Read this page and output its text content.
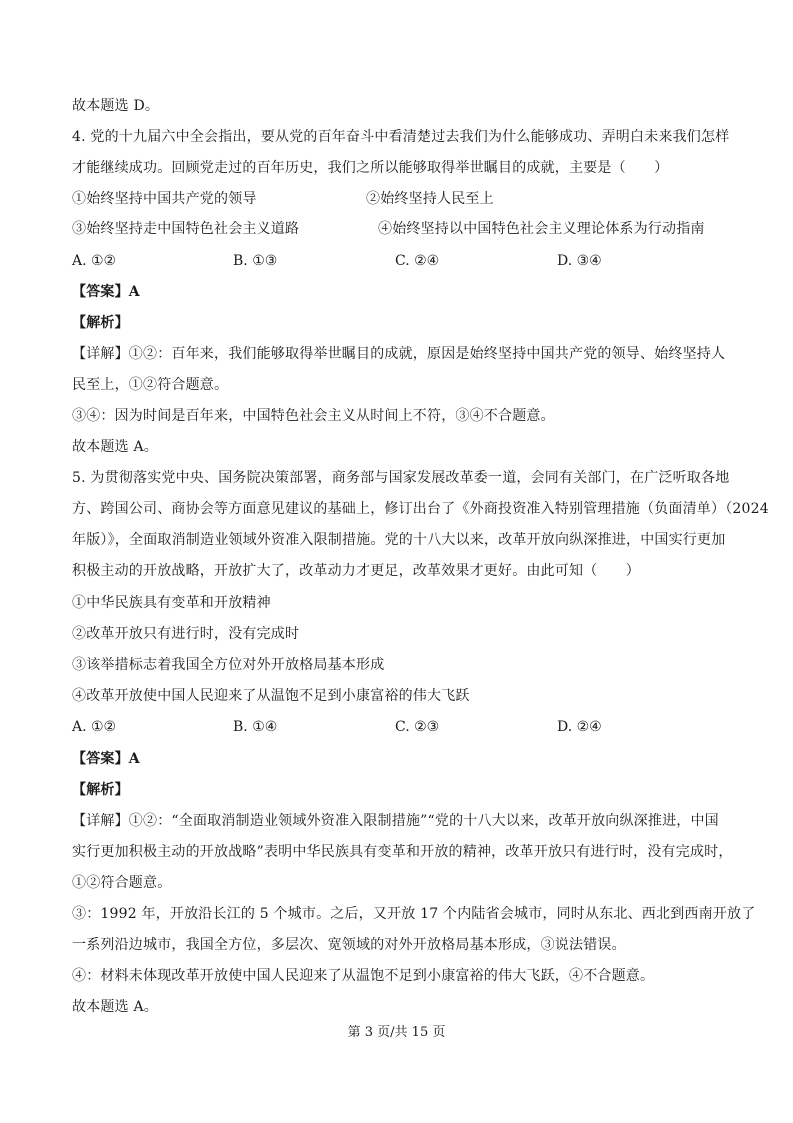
故本题选 D。
4. 党的十九届六中全会指出，要从党的百年奋斗中看清楚过去我们为什么能够成功、弄明白未来我们怎样
才能继续成功。回顾党走过的百年历史，我们之所以能够取得举世瞩目的成就，主要是（　　）
①始终坚持中国共产党的领导	②始终坚持人民至上
③始终坚持走中国特色社会主义道路	④始终坚持以中国特色社会主义理论体系为行动指南
A. ①②	B. ①③	C. ②④	D. ③④
【答案】A
【解析】
【详解】①②：百年来，我们能够取得举世瞩目的成就，原因是始终坚持中国共产党的领导、始终坚持人
民至上，①②符合题意。
③④：因为时间是百年来，中国特色社会主义从时间上不符，③④不合题意。
故本题选 A。
5. 为贯彻落实党中央、国务院决策部署，商务部与国家发展改革委一道，会同有关部门，在广泛听取各地
方、跨国公司、商协会等方面意见建议的基础上，修订出台了《外商投资准入特别管理措施（负面清单）（2024
年版）》，全面取消制造业领域外资准入限制措施。党的十八大以来，改革开放向纵深推进，中国实行更加
积极主动的开放战略，开放扩大了，改革动力才更足，改革效果才更好。由此可知（　　）
①中华民族具有变革和开放精神
②改革开放只有进行时，没有完成时
③该举措标志着我国全方位对外开放格局基本形成
④改革开放使中国人民迎来了从温饱不足到小康富裕的伟大飞跃
A. ①②	B. ①④	C. ②③	D. ②④
【答案】A
【解析】
【详解】①②：“全面取消制造业领域外资准入限制措施”“党的十八大以来，改革开放向纵深推进，中国
实行更加积极主动的开放战略”表明中华民族具有变革和开放的精神，改革开放只有进行时，没有完成时，
①②符合题意。
③：1992 年，开放沿长江的 5 个城市。之后，又开放 17 个内陆省会城市，同时从东北、西北到西南开放了
一系列沿边城市，我国全方位，多层次、宽领域的对外开放格局基本形成，③说法错误。
④：材料未体现改革开放使中国人民迎来了从温饱不足到小康富裕的伟大飞跃，④不合题意。
故本题选 A。
第 3 页/共 15 页
